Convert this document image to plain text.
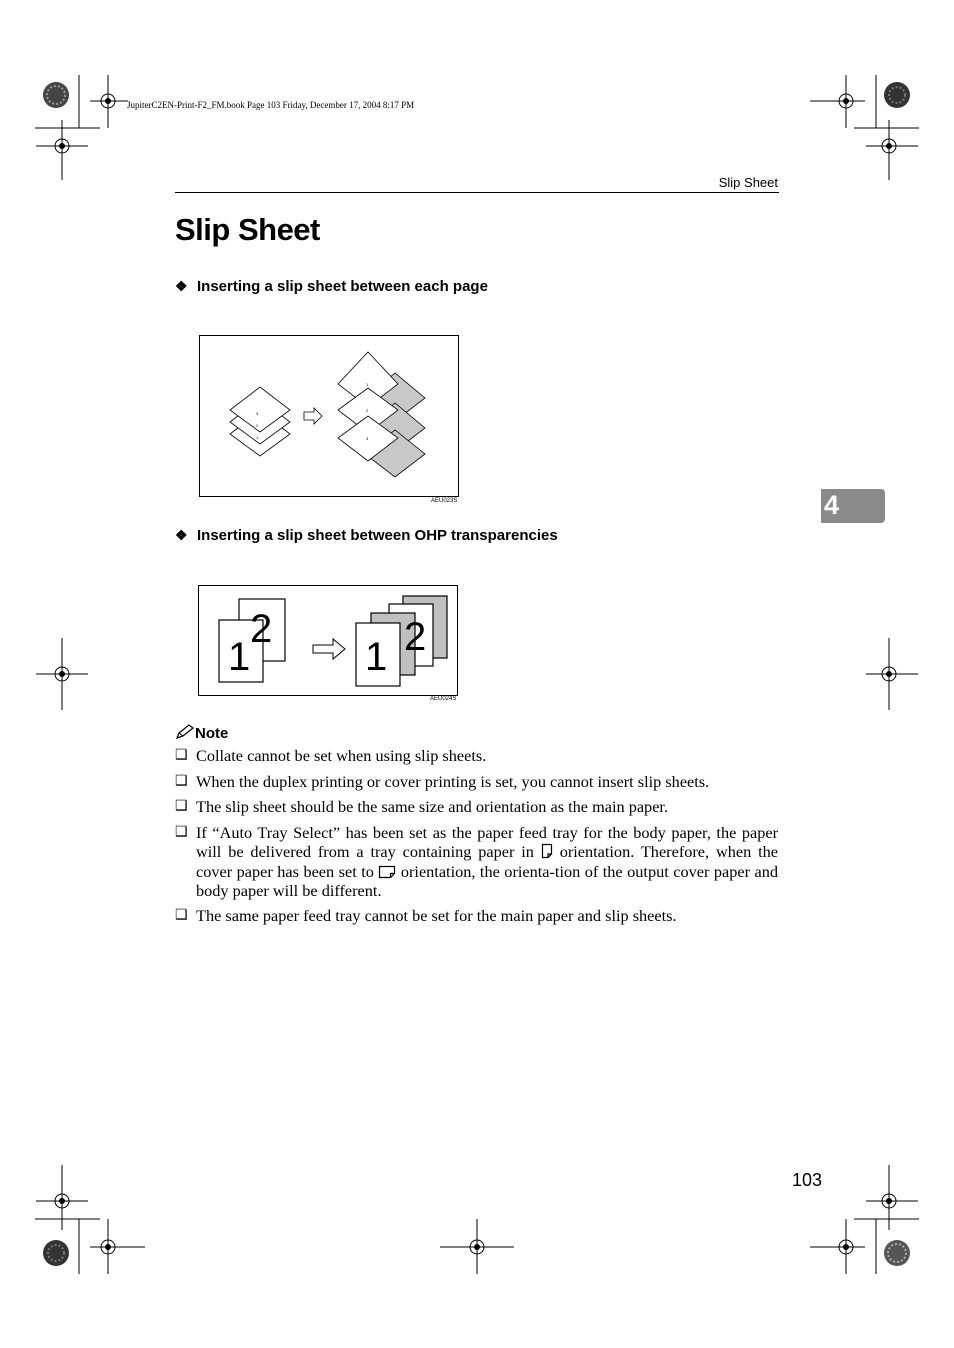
JupiterC2EN-Print-F2_FM.book Page 103 Friday, December 17, 2004 8:17 PM
Slip Sheet
Slip Sheet
❖ Inserting a slip sheet between each page
1
2
3
1
2
3
AEU023S	4
❖ Inserting a slip sheet between OHP transparencies
2
1	2
1
AEU024S
Note
❑ Collate cannot be set when using slip sheets.
❑ When the duplex printing or cover printing is set, you cannot insert slip sheets.
❑ The slip sheet should be the same size and orientation as the main paper.
❑ If “Auto Tray Select” has been set as the paper feed tray for the body paper, the paper will be delivered from a tray containing paper in orientation. Therefore, when the cover paper has been set to orientation, the orienta-tion of the output cover paper and body paper will be different.
❑ The same paper feed tray cannot be set for the main paper and slip sheets.
103
